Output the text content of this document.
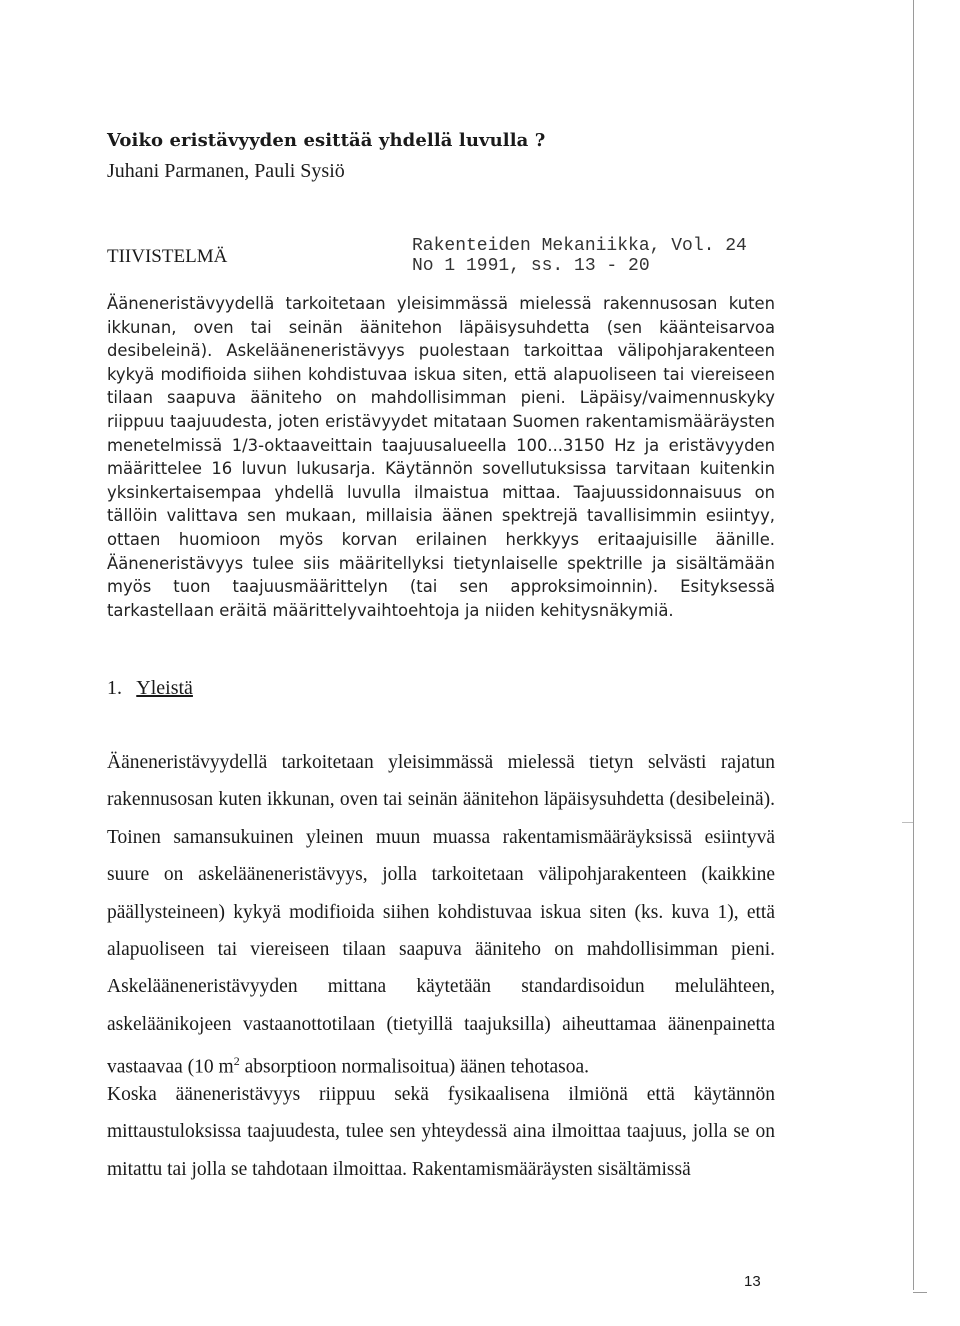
Voiko eristävyyden esittää yhdellä luvulla ?
Juhani Parmanen, Pauli Sysiö
TIIVISTELMÄ	Rakenteiden Mekaniikka, Vol. 24
No 1 1991, ss. 13 - 20

Ääneneristävyydellä tarkoitetaan yleisimmässä mielessä rakennusosan kuten ikkunan, oven tai seinän äänitehon läpäisysuhdetta (sen käänteisarvoa desibeleinä). Askelääneneristävyys puolestaan tarkoittaa välipohjarakenteen kykyä modifioida siihen kohdistuvaa iskua siten, että alapuoliseen tai viereiseen tilaan saapuva ääniteho on mahdollisimman pieni. Läpäisy/vaimennuskyky riippuu taajuudesta, joten eristävyydet mitataan Suomen rakentamismääräysten menetelmissä 1/3-oktaaveittain taajuusalueella 100...3150 Hz ja eristävyyden määrittelee 16 luvun lukusarja. Käytännön sovellutuksissa tarvitaan kuitenkin yksinkertaisempaa yhdellä luvulla ilmaistua mittaa. Taajuussidonnaisuus on tällöin valittava sen mukaan, millaisia äänen spektrejä tavallisimmin esiintyy, ottaen huomioon myös korvan erilainen herkkyys eritaajuisille äänille. Ääneneristävyys tulee siis määritellyksi tietynlaiselle spektrille ja sisältämään myös tuon taajuusmäärittelyn (tai sen approksimoinnin). Esityksessä tarkastellaan eräitä määrittelyvaihtoehtoja ja niiden kehitysnäkymiä.

1. Yleistä

Ääneneristävyydellä tarkoitetaan yleisimmässä mielessä tietyn selvästi rajatun rakennusosan kuten ikkunan, oven tai seinän äänitehon läpäisysuhdetta (desibeleinä). Toinen samansukuinen yleinen muun muassa rakentamismääräyksissä esiintyvä suure on askelääneneristävyys, jolla tarkoitetaan välipohjarakenteen (kaikkine päällysteineen) kykyä modifioida siihen kohdistuvaa iskua siten (ks. kuva 1), että alapuoliseen tai viereiseen tilaan saapuva ääniteho on mahdollisimman pieni. Askelääneneristävyyden mittana käytetään standardisoidun melulähteen, askeläänikojeen vastaanottotilaan (tietyillä taajuksilla) aiheuttamaa äänenpainetta vastaavaa (10 $m^2$ absorptioon normalisoitua) äänen tehotasoa.

Koska ääneneristävyys riippuu sekä fysikaalisena ilmiönä että käytännön mittaustuloksissa taajuudesta, tulee sen yhteydessä aina ilmoittaa taajuus, jolla se on mitattu tai jolla se tahdotaan ilmoittaa. Rakentamismääräysten sisältämissä

13
